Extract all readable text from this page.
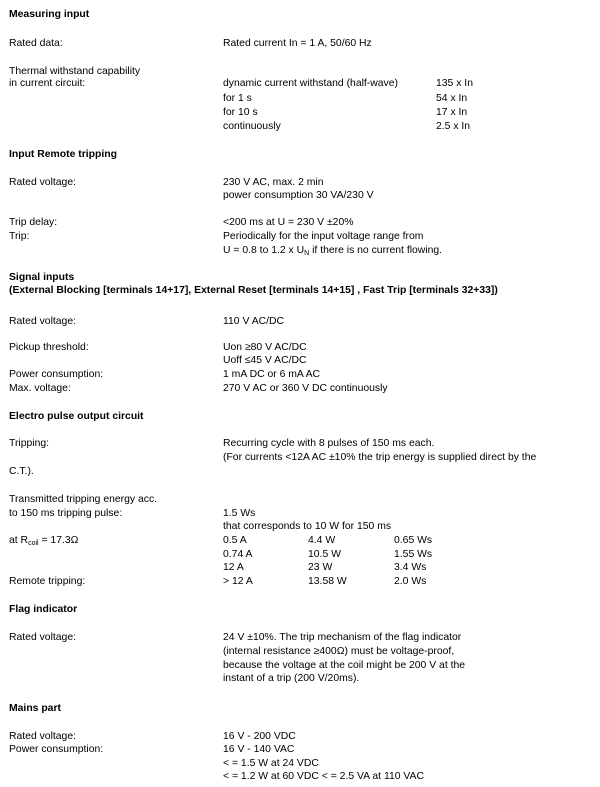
Measuring input
Rated data:	Rated current In = 1 A, 50/60 Hz
Thermal withstand capability
in current circuit:	dynamic current withstand (half-wave)	135 x In
for 1 s	54 x In
for 10 s	17 x In
continuously	2.5 x In
Input Remote tripping
Rated voltage:	230 V AC, max. 2 min
power consumption 30 VA/230 V
Trip delay:	<200 ms at U = 230 V ±20%
Trip:	Periodically for the input voltage range from
U = 0.8 to 1.2 x $U_N$ if there is no current flowing.
Signal inputs
(External Blocking [terminals 14+17], External Reset [terminals 14+15] , Fast Trip [terminals 32+33])
Rated voltage:	110 V AC/DC
Pickup threshold:	Uon ≥80 V AC/DC
Uoff ≤45 V AC/DC
Power consumption:	1 mA DC or 6 mA AC
Max. voltage:	270 V AC or 360 V DC continuously
Electro pulse output circuit
Tripping:	Recurring cycle with 8 pulses of 150 ms each.
(For currents <12A AC ±10% the trip energy is supplied direct by the
C.T.).
Transmitted tripping energy acc.
to 150 ms tripping pulse:	1.5 Ws
that corresponds to 10 W for 150 ms
at $R_{coil} = 17.3\Omega$	0.5 A	4.4 W	0.65 Ws
0.74 A	10.5 W	1.55 Ws
12 A	23 W	3.4 Ws
Remote tripping:	> 12 A	13.58 W	2.0 Ws
Flag indicator
Rated voltage:	24 V ±10%. The trip mechanism of the flag indicator
(internal resistance ≥400Ω) must be voltage-proof,
because the voltage at the coil might be 200 V at the
instant of a trip (200 V/20ms).
Mains part
Rated voltage:	16 V - 200 VDC
Power consumption:	16 V - 140 VAC
< = 1.5 W at 24 VDC
< = 1.2 W at 60 VDC < = 2.5 VA at 110 VAC
